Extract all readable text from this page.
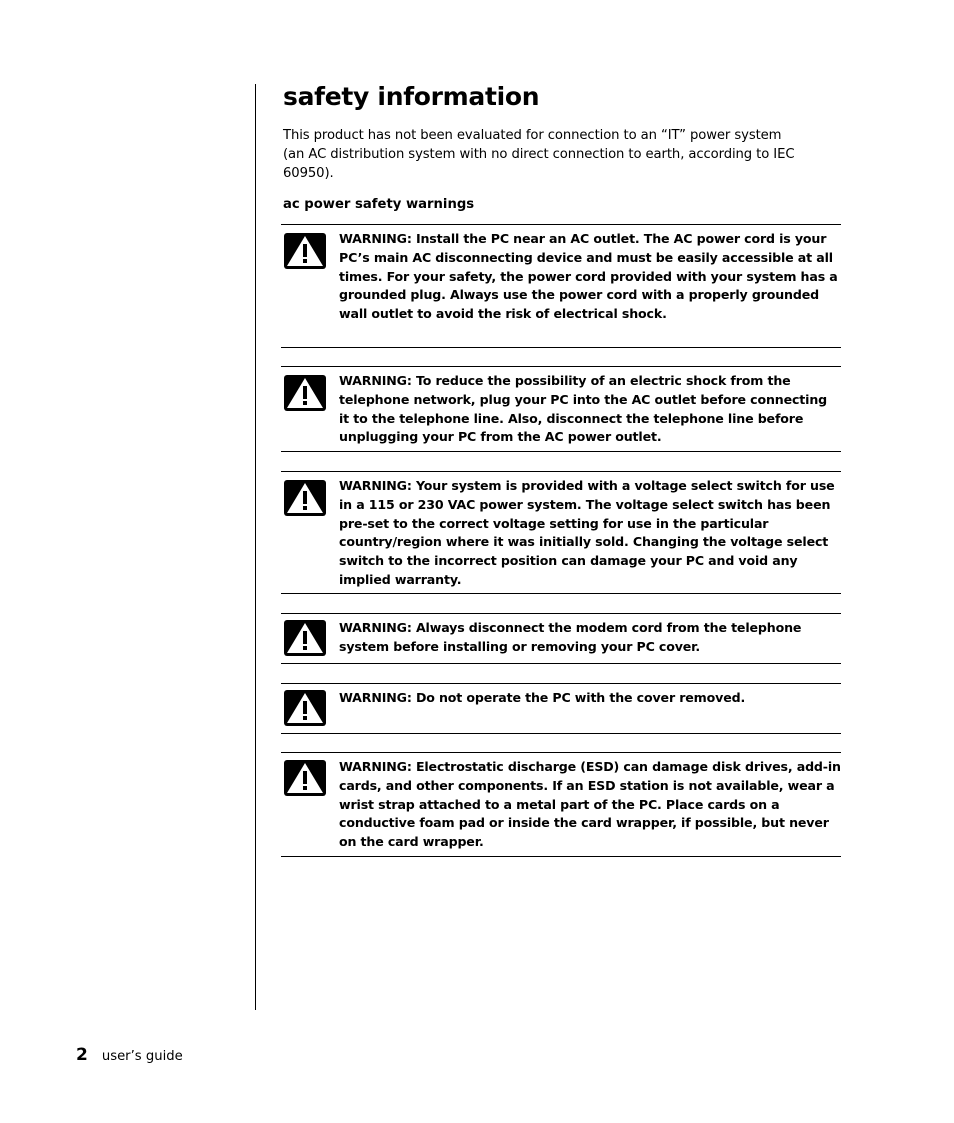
safety information

This product has not been evaluated for connection to an “IT” power system (an AC distribution system with no direct connection to earth, according to IEC 60950).

ac power safety warnings

WARNING: Install the PC near an AC outlet. The AC power cord is your PC’s main AC disconnecting device and must be easily accessible at all times. For your safety, the power cord provided with your system has a grounded plug. Always use the power cord with a properly grounded wall outlet to avoid the risk of electrical shock.
WARNING: To reduce the possibility of an electric shock from the telephone network, plug your PC into the AC outlet before connecting it to the telephone line. Also, disconnect the telephone line before unplugging your PC from the AC power outlet.
WARNING: Your system is provided with a voltage select switch for use in a 115 or 230 VAC power system. The voltage select switch has been pre-set to the correct voltage setting for use in the particular country/region where it was initially sold. Changing the voltage select switch to the incorrect position can damage your PC and void any implied warranty.
WARNING: Always disconnect the modem cord from the telephone system before installing or removing your PC cover.
WARNING: Do not operate the PC with the cover removed.
WARNING: Electrostatic discharge (ESD) can damage disk drives, add-in cards, and other components. If an ESD station is not available, wear a wrist strap attached to a metal part of the PC. Place cards on a conductive foam pad or inside the card wrapper, if possible, but never on the card wrapper.
2 user’s guide
